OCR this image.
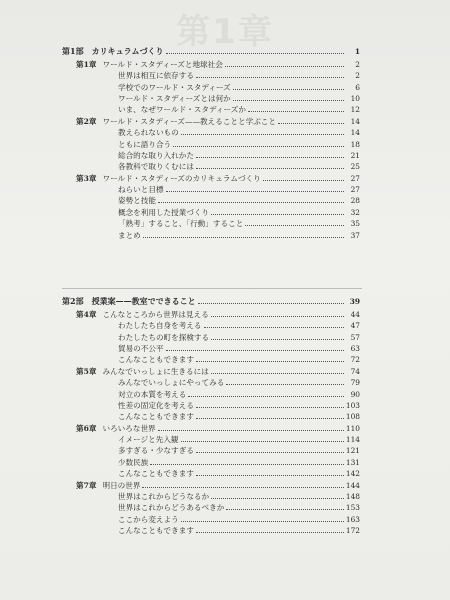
第1章
第1部　カリキュラムづくり	1
第1章 ワールド・スタディーズと地球社会	2
世界は相互に依存する	2
学校でのワールド・スタディーズ	6
ワールド・スタディーズとは何か	10
いま、なぜワールド・スタディーズか	12
第2章 ワールド・スタディーズ——教えることと学ぶこと	14
教えられないもの	14
ともに語り合う	18
総合的な取り入れかた	21
各教科で取りくむには	25
第3章 ワールド・スタディーズのカリキュラムづくり	27
ねらいと目標	27
姿勢と技能	28
概念を利用した授業づくり	32
「熟考」すること、「行動」すること	35
まとめ	37
第2部　授業案——教室でできること	39
第4章 こんなところから世界は見える	44
わたしたち自身を考える	47
わたしたちの町を探検する	57
貿易の不公平	63
こんなこともできます	72
第5章 みんなでいっしょに生きるには	74
みんなでいっしょにやってみる	79
対立の本質を考える	90
性差の固定化を考える	103
こんなこともできます	108
第6章 いろいろな世界	110
イメージと先入観	114
多すぎる・少なすぎる	121
少数民族	131
こんなこともできます	142
第7章 明日の世界	144
世界はこれからどうなるか	148
世界はこれからどうあるべきか	153
ここから変えよう	163
こんなこともできます	172
